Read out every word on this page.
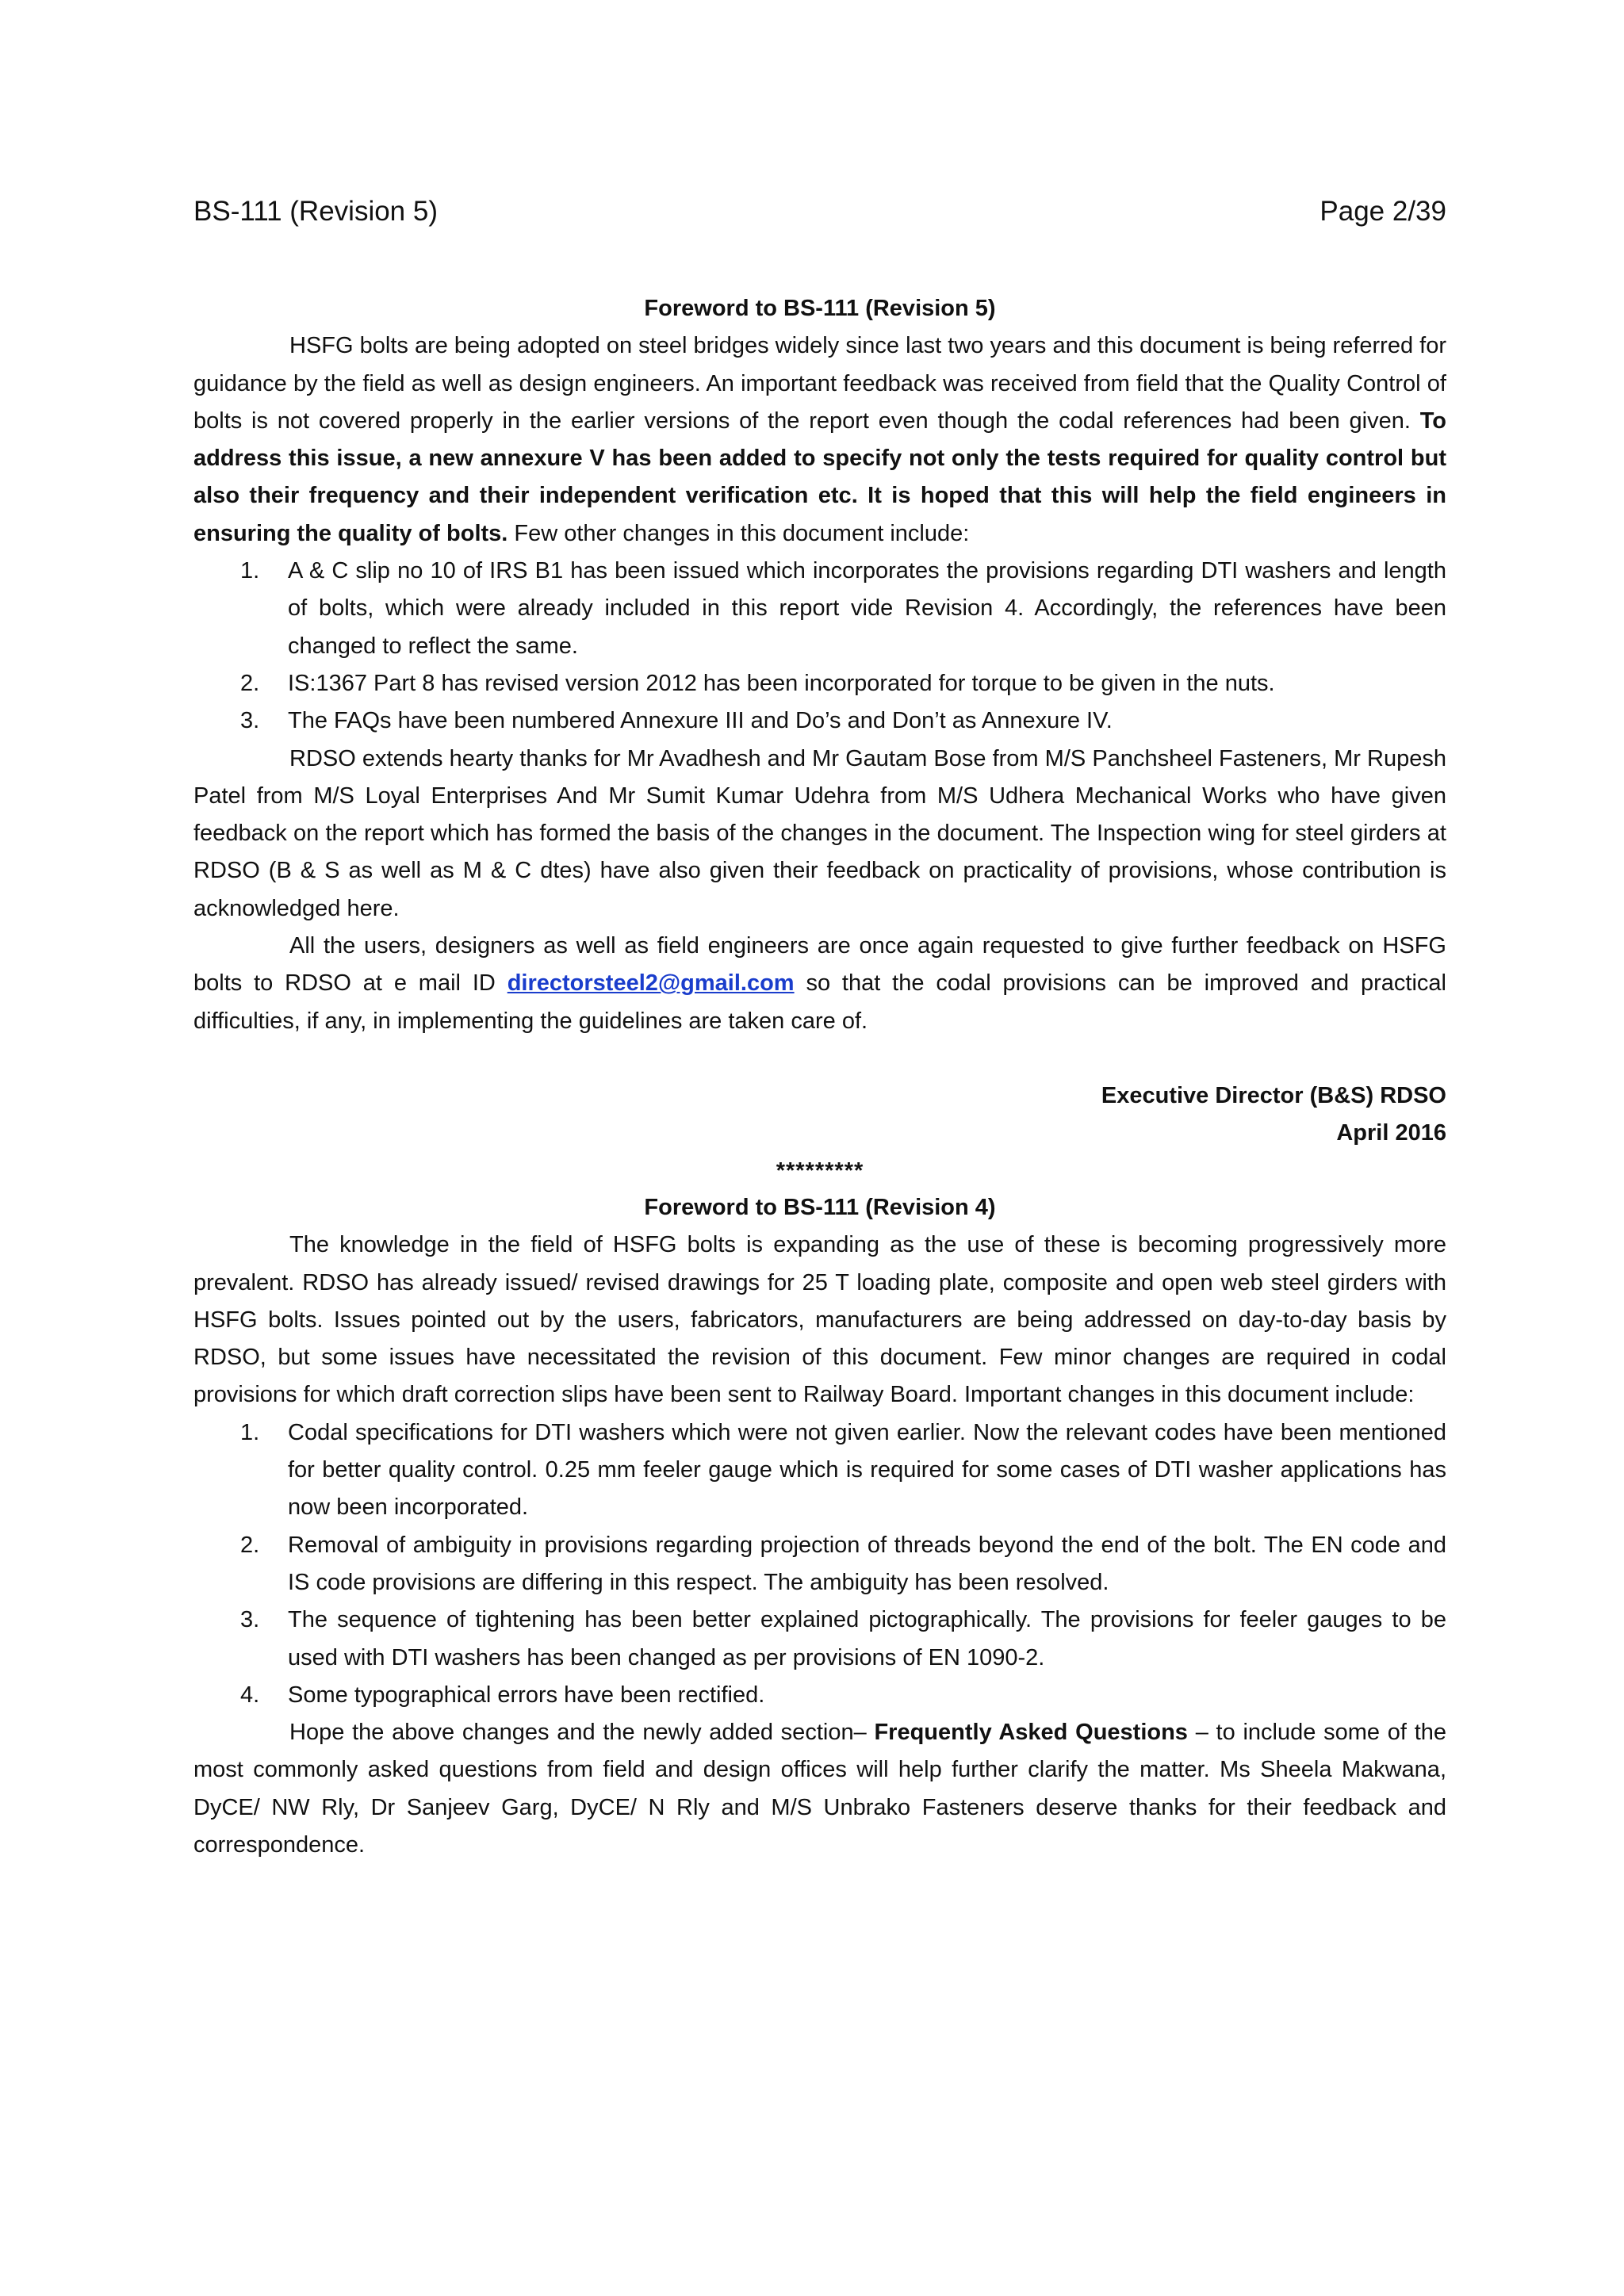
BS-111 (Revision 5)	Page 2/39

Foreword to BS-111 (Revision 5)

HSFG bolts are being adopted on steel bridges widely since last two years and this document is being referred for guidance by the field as well as design engineers. An important feedback was received from field that the Quality Control of bolts is not covered properly in the earlier versions of the report even though the codal references had been given. To address this issue, a new annexure V has been added to specify not only the tests required for quality control but also their frequency and their independent verification etc. It is hoped that this will help the field engineers in ensuring the quality of bolts. Few other changes in this document include:

1. A & C slip no 10 of IRS B1 has been issued which incorporates the provisions regarding DTI washers and length of bolts, which were already included in this report vide Revision 4. Accordingly, the references have been changed to reflect the same.
2. IS:1367 Part 8 has revised version 2012 has been incorporated for torque to be given in the nuts.
3. The FAQs have been numbered Annexure III and Do’s and Don’t as Annexure IV.

RDSO extends hearty thanks for Mr Avadhesh and Mr Gautam Bose from M/S Panchsheel Fasteners, Mr Rupesh Patel from M/S Loyal Enterprises And Mr Sumit Kumar Udehra from M/S Udhera Mechanical Works who have given feedback on the report which has formed the basis of the changes in the document. The Inspection wing for steel girders at RDSO (B & S as well as M & C dtes) have also given their feedback on practicality of provisions, whose contribution is acknowledged here.

All the users, designers as well as field engineers are once again requested to give further feedback on HSFG bolts to RDSO at e mail ID directorsteel2@gmail.com so that the codal provisions can be improved and practical difficulties, if any, in implementing the guidelines are taken care of.

Executive Director (B&S) RDSO

April 2016

*********

Foreword to BS-111 (Revision 4)

The knowledge in the field of HSFG bolts is expanding as the use of these is becoming progressively more prevalent. RDSO has already issued/ revised drawings for 25 T loading plate, composite and open web steel girders with HSFG bolts. Issues pointed out by the users, fabricators, manufacturers are being addressed on day-to-day basis by RDSO, but some issues have necessitated the revision of this document. Few minor changes are required in codal provisions for which draft correction slips have been sent to Railway Board. Important changes in this document include:

1. Codal specifications for DTI washers which were not given earlier. Now the relevant codes have been mentioned for better quality control. 0.25 mm feeler gauge which is required for some cases of DTI washer applications has now been incorporated.
2. Removal of ambiguity in provisions regarding projection of threads beyond the end of the bolt. The EN code and IS code provisions are differing in this respect. The ambiguity has been resolved.
3. The sequence of tightening has been better explained pictographically. The provisions for feeler gauges to be used with DTI washers has been changed as per provisions of EN 1090-2.
4. Some typographical errors have been rectified.

Hope the above changes and the newly added section– Frequently Asked Questions – to include some of the most commonly asked questions from field and design offices will help further clarify the matter. Ms Sheela Makwana, DyCE/ NW Rly, Dr Sanjeev Garg, DyCE/ N Rly and M/S Unbrako Fasteners deserve thanks for their feedback and correspondence.
